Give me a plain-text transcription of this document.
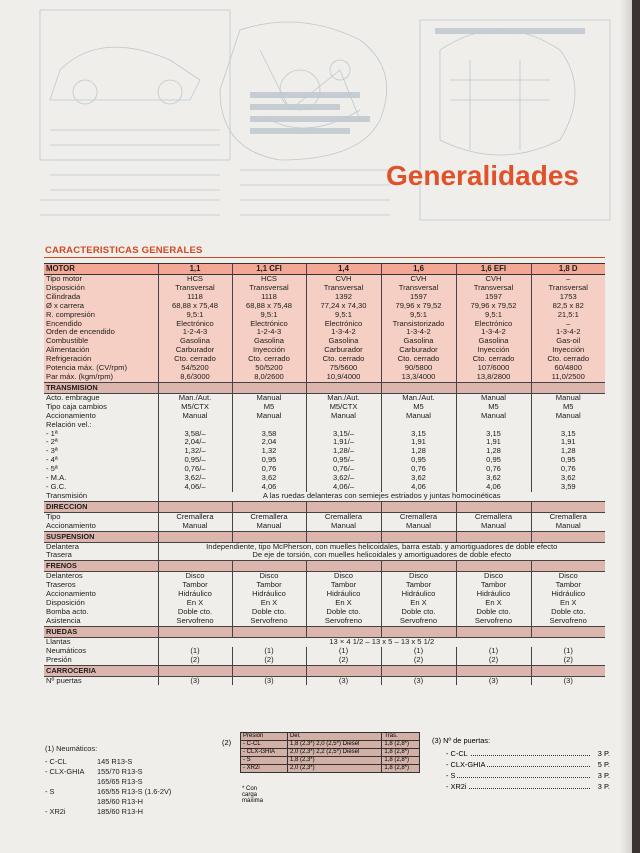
Generalidades
CARACTERISTICAS GENERALES
MOTOR	1,1	1,1 CFI	1,4	1,6	1,6 EFI	1,8 D
Tipo motor	HCS	HCS	CVH	CVH	CVH	–
Disposición	Transversal	Transversal	Transversal	Transversal	Transversal	Transversal
Cilindrada	1118	1118	1392	1597	1597	1753
Ø x carrera	68,88 x 75,48	68,88 x 75,48	77,24 x 74,30	79,96 x 79,52	79,96 x 79,52	82,5 x 82
R. compresión	9,5:1	9,5:1	9,5:1	9,5:1	9,5:1	21,5:1
Encendido	Electrónico	Electrónico	Electrónico	Transistorizado	Electrónico	–
Orden de encendido	1-2-4-3	1-2-4-3	1-3-4-2	1-3-4-2	1-3-4-2	1-3-4-2
Combustible	Gasolina	Gasolina	Gasolina	Gasolina	Gasolina	Gas-oil
Alimentación	Carburador	Inyección	Carburador	Carburador	Inyección	Inyección
Refrigeración	Cto. cerrado	Cto. cerrado	Cto. cerrado	Cto. cerrado	Cto. cerrado	Cto. cerrado
Potencia máx. (CV/rpm)	54/5200	50/5200	75/5600	90/5800	107/6000	60/4800
Par máx. (kgm/rpm)	8,6/3000	8,0/2600	10,9/4000	13,3/4000	13,8/2800	11,0/2500
TRANSMISION						
Acto. embrague	Man./Aut.	Manual	Man./Aut.	Man./Aut.	Manual	Manual
Tipo caja cambios	M5/CTX	M5	M5/CTX	M5	M5	M5
Accionamiento	Manual	Manual	Manual	Manual	Manual	Manual
Relación vel.:						
- 1ª	3,58/–	3,58	3,15/–	3,15	3,15	3,15
- 2ª	2,04/–	2,04	1,91/–	1,91	1,91	1,91
- 3ª	1,32/–	1,32	1,28/–	1,28	1,28	1,28
- 4ª	0,95/–	0,95	0,95/–	0,95	0,95	0,95
- 5ª	0,76/–	0,76	0,76/–	0,76	0,76	0,76
- M.A.	3,62/–	3,62	3,62/–	3,62	3,62	3,62
- G.C.	4,06/–	4,06	4,06/–	4,06	4,06	3,59
Transmisión	A las ruedas delanteras con semiejes estriados y juntas homocinéticas					
DIRECCION						
Tipo	Cremallera	Cremallera	Cremallera	Cremallera	Cremallera	Cremallera
Accionamiento	Manual	Manual	Manual	Manual	Manual	Manual
SUSPENSION						
Delantera	Independiente, tipo McPherson, con muelles helicoidales, barra estab. y amortiguadores de doble efecto					
Trasera	De eje de torsión, con muelles helicoidales y amortiguadores de doble efecto					
FRENOS						
Delanteros	Disco	Disco	Disco	Disco	Disco	Disco
Traseros	Tambor	Tambor	Tambor	Tambor	Tambor	Tambor
Accionamiento	Hidráulico	Hidráulico	Hidráulico	Hidráulico	Hidráulico	Hidráulico
Disposición	En X	En X	En X	En X	En X	En X
Bomba acto.	Doble cto.	Doble cto.	Doble cto.	Doble cto.	Doble cto.	Doble cto.
Asistencia	Servofreno	Servofreno	Servofreno	Servofreno	Servofreno	Servofreno
RUEDAS						
Llantas	13 × 4 1/2 – 13 x 5 – 13 x 5 1/2					
Neumáticos	(1)	(1)	(1)	(1)	(1)	(1)
Presión	(2)	(2)	(2)	(2)	(2)	(2)
CARROCERIA						
Nº puertas	(3)	(3)	(3)	(3)	(3)	(3)
(1) Neumáticos:
- C-CL	145 R13-S
- CLX-GHIA 155/70 R13-S
165/65 R13-S
- S	165/55 R13-S (1.6-2V)
185/60 R13-H
- XR2i	185/60 R13-H
(2)
Presión	Del.	Tras.
- C-CL	1,8 (2,3*) 2,0 (2,5*) Diesel	1,8 (2,8*)
- CLX-GHIA	2,0 (2,3*) 2,2 (2,5*) Diesel	1,8 (2,8*)
- S	1,8 (2,3*)	1,8 (2,8*)
- XR2i	2,0 (2,3*)	1,8 (2,8*)
* Con carga máxima
(3) Nº de puertas:
- C-CL	3 P.
- CLX-GHIA	5 P.
- S	3 P.
- XR2i	3 P.
